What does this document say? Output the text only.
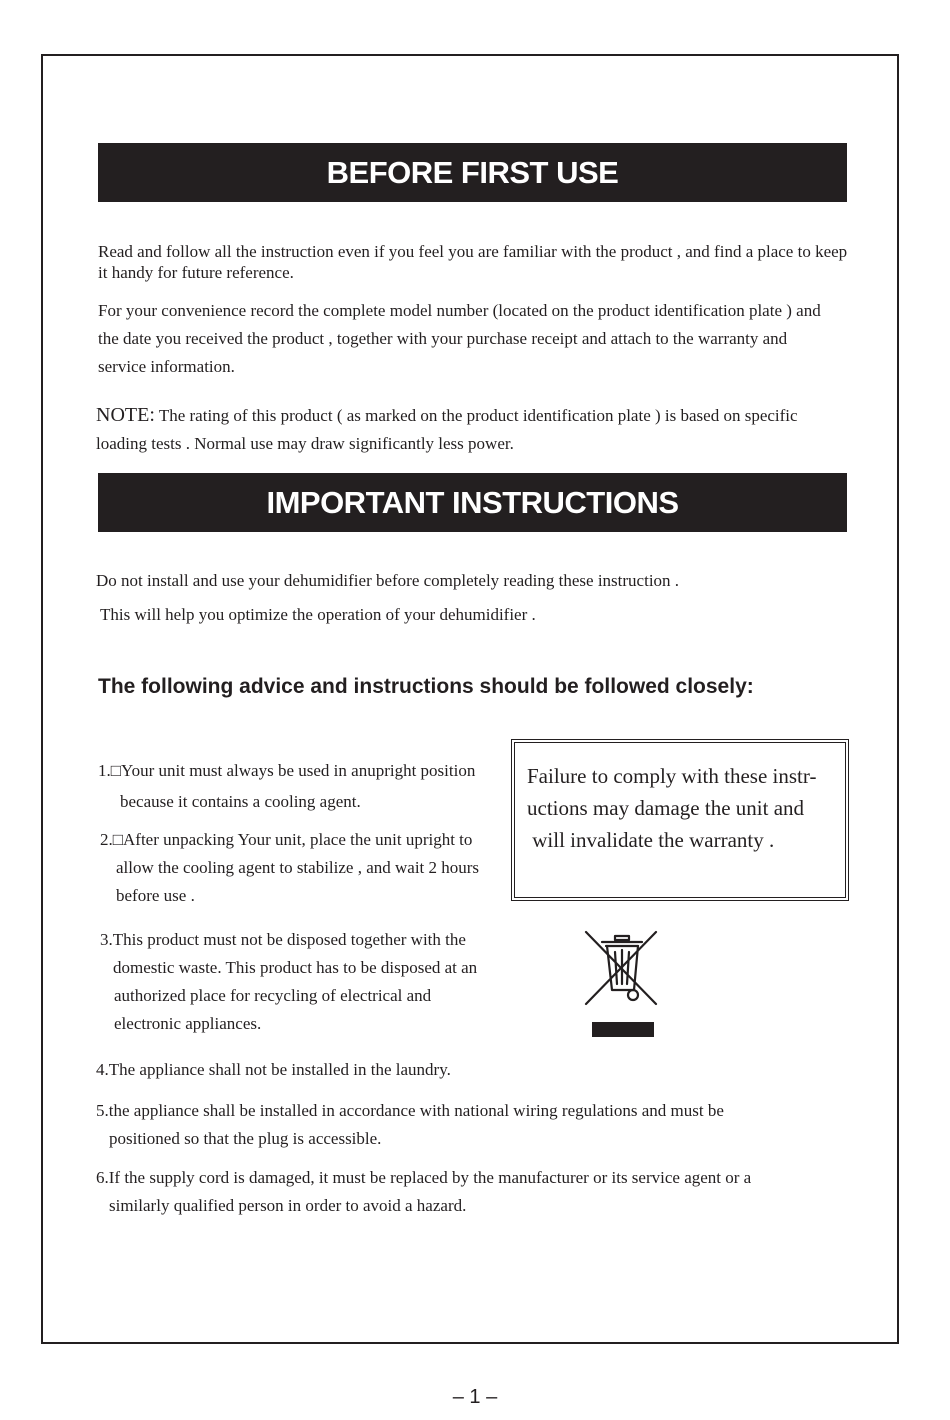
BEFORE FIRST USE

Read and follow all the instruction even if you feel you are familiar with the product , and find a place to keep it handy for future reference.

For your convenience record the complete model number (located on the product identification plate ) and the date you received the product , together with your purchase receipt and attach to the warranty and service information.

NOTE: The rating of this product ( as marked on the product identification plate ) is based on specific loading tests . Normal use may draw significantly less power.

IMPORTANT INSTRUCTIONS

Do not install and use your dehumidifier before completely reading these instruction .

This will help you optimize the operation of your dehumidifier .

The following advice and instructions should be followed closely:
1.□Your unit must always be used in anupright position
because it contains a cooling agent.
2.□After unpacking Your unit, place the unit upright to
allow the cooling agent to stabilize , and wait 2 hours
before use .
3.This product must not be disposed together with the
domestic waste. This product has to be disposed at an
authorized place for recycling of electrical and
electronic appliances.
4.The appliance shall not be installed in the laundry.
5.the appliance shall be installed in accordance with national wiring regulations and must be
positioned so that the plug is accessible.
6.If the supply cord is damaged, it must be replaced by the manufacturer or its service agent or a
similarly qualified person in order to avoid a hazard.

Failure to comply with these instr-

uctions may damage the unit and

will invalidate the warranty .

– 1 –
